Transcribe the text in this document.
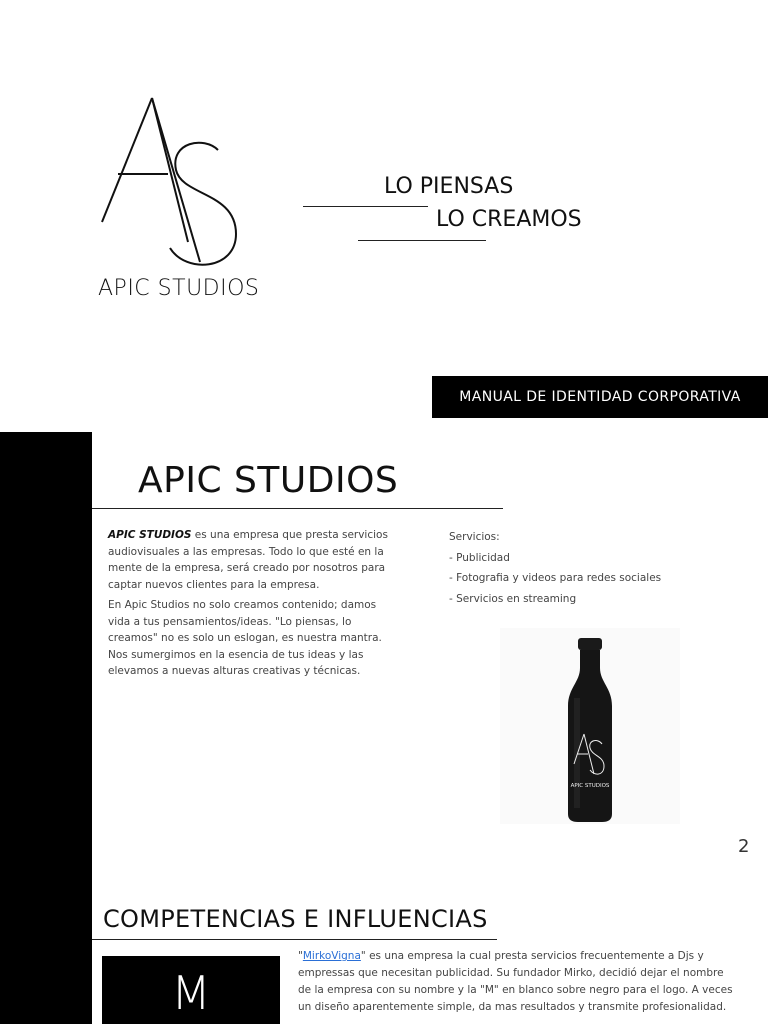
APIC STUDIOS
LO PIENSAS
LO CREAMOS
MANUAL DE IDENTIDAD CORPORATIVA
APIC STUDIOS

APIC STUDIOS es una empresa que presta servicios audiovisuales a las empresas. Todo lo que esté en la mente de la empresa, será creado por nosotros para captar nuevos clientes para la empresa.

En Apic Studios no solo creamos contenido; damos vida a tus pensamientos/ideas. "Lo piensas, lo creamos" no es solo un eslogan, es nuestra mantra. Nos sumergimos en la esencia de tus ideas y las elevamos a nuevas alturas creativas y técnicas.

Servicios:
- Publicidad
- Fotografia y videos para redes sociales
- Servicios en streaming
APIC STUDIOS
2
COMPETENCIAS E INFLUENCIAS
M
"MirkoVigna" es una empresa la cual presta servicios frecuentemente a Djs y empressas que necesitan publicidad. Su fundador Mirko, decidió dejar el nombre de la empresa con su nombre y la "M" en blanco sobre negro para el logo. A veces un diseño aparentemente simple, da mas resultados y transmite profesionalidad.
